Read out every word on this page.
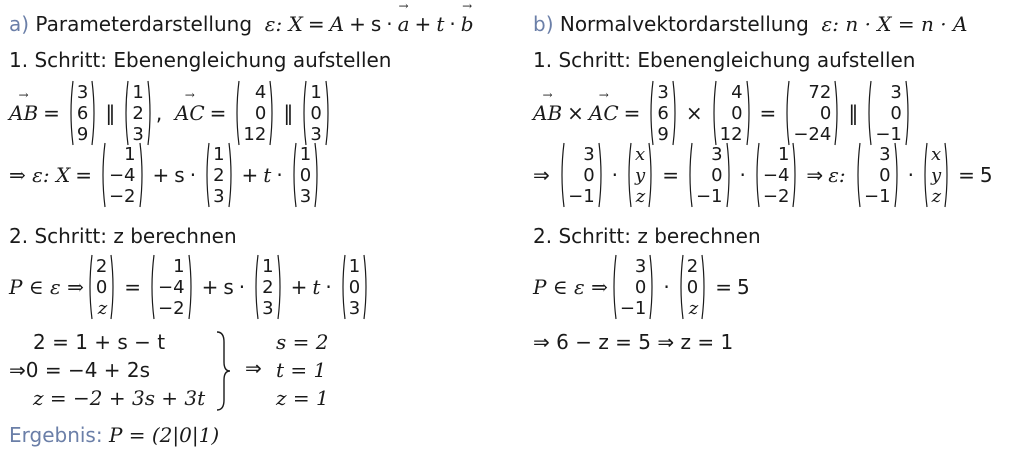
a)
Parameterdarstellung
ε:
X = A + s · a → + t · b →
1. Schritt: Ebenengleichung aufstellen
AB → =
3
6
9
‖
1
2
3
, AC → =
4
0
12
‖
1
0
3
⇒ ε:
X =
1
−4
−2
+ s ·
1
2
3
+ t ·
1
0
3
2. Schritt: z berechnen
P ∈ ε ⇒
2
0
z
=
1
−4
−2
+ s ·
1
2
3
+ t ·
1
0
3
2 = 1 + s − t
⇒0 = −4 + 2s
z = −2 + 3s + 3t
⇒
s = 2
t = 1
z = 1
Ergebnis:
P = (2|0|1)
b)
Normalvektordarstellung
ε: n · X = n · A
1. Schritt: Ebenengleichung aufstellen
AB → × AC → =
3
6
9
×
4
0
12
=
72
0
−24
‖
3
0
−1
⇒

3
0
−1
·
x
y
z
=
3
0
−1
·
1
−4
−2
⇒ ε:

3
0
−1
·
x
y
z
= 5
2. Schritt: z berechnen
P ∈ ε ⇒
3
0
−1
·
2
0
z
= 5
⇒ 6 − z = 5 ⇒ z = 1
